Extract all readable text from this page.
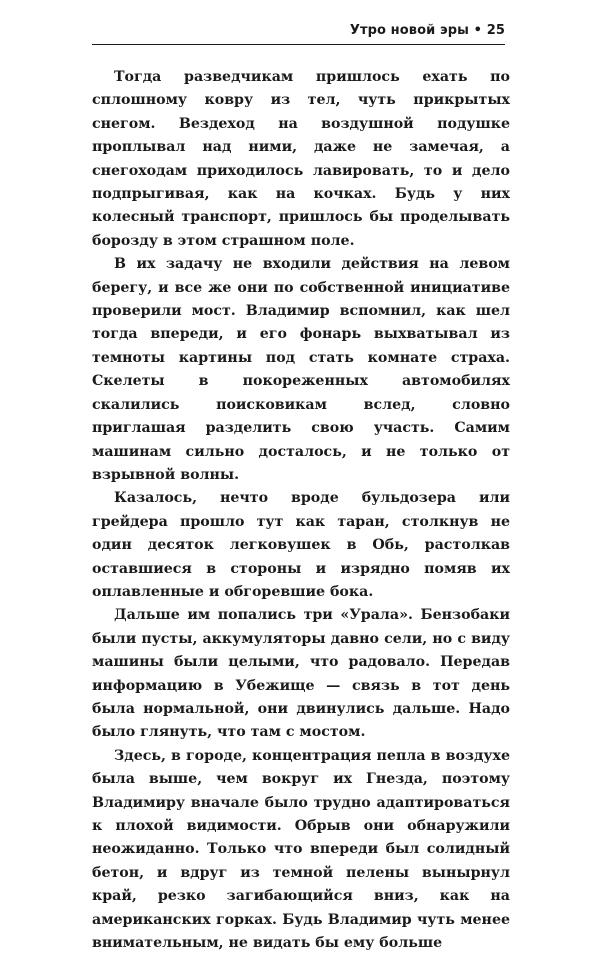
Утро новой эры • 25

Тогда разведчикам пришлось ехать по сплошному ковру из тел, чуть прикрытых снегом. Вездеход на воздушной подушке проплывал над ними, даже не замечая, а снегоходам приходилось лавировать, то и дело подпрыгивая, как на кочках. Будь у них колесный транспорт, пришлось бы проделывать борозду в этом страшном поле.

В их задачу не входили действия на левом берегу, и все же они по собственной инициативе проверили мост. Владимир вспомнил, как шел тогда впереди, и его фонарь выхватывал из темноты картины под стать комнате страха. Скелеты в покореженных автомобилях скалились поисковикам вслед, словно приглашая разделить свою участь. Самим машинам сильно досталось, и не только от взрывной волны.

Казалось, нечто вроде бульдозера или грейдера прошло тут как таран, столкнув не один десяток легковушек в Обь, растолкав оставшиеся в стороны и изрядно помяв их оплавленные и обгоревшие бока.

Дальше им попались три «Урала». Бензобаки были пусты, аккумуляторы давно сели, но с виду машины были целыми, что радовало. Передав информацию в Убежище — связь в тот день была нормальной, они двинулись дальше. Надо было глянуть, что там с мостом.

Здесь, в городе, концентрация пепла в воздухе была выше, чем вокруг их Гнезда, поэтому Владимиру вначале было трудно адаптироваться к плохой видимости. Обрыв они обнаружили неожиданно. Только что впереди был солидный бетон, и вдруг из темной пелены вынырнул край, резко загибающийся вниз, как на американских горках. Будь Владимир чуть менее внимательным, не видать бы ему больше
